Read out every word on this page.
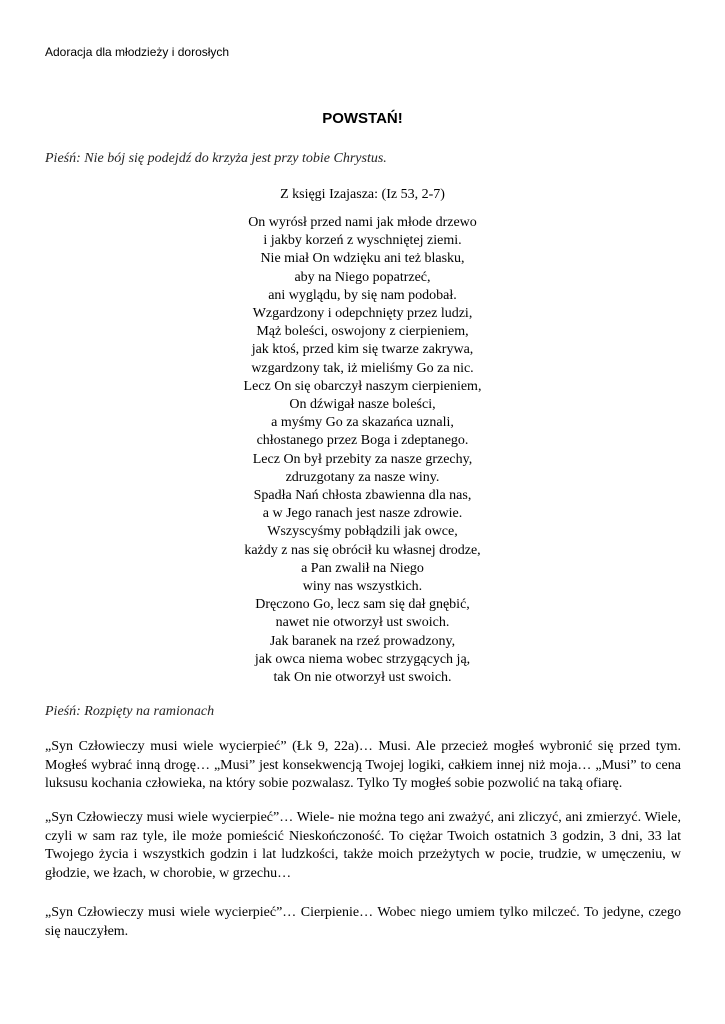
Adoracja dla młodzieży i dorosłych
POWSTAŃ!
Pieśń: Nie bój się podejdź do krzyża jest przy tobie Chrystus.
Z księgi Izajasza: (Iz 53, 2-7)
On wyrósł przed nami jak młode drzewo
i jakby korzeń z wyschniętej ziemi.
Nie miał On wdzięku ani też blasku,
aby na Niego popatrzeć,
ani wyglądu, by się nam podobał.
Wzgardzony i odepchnięty przez ludzi,
Mąż boleści, oswojony z cierpieniem,
jak ktoś, przed kim się twarze zakrywa,
wzgardzony tak, iż mieliśmy Go za nic.
Lecz On się obarczył naszym cierpieniem,
On dźwigał nasze boleści,
a myśmy Go za skazańca uznali,
chłostanego przez Boga i zdeptanego.
Lecz On był przebity za nasze grzechy,
zdruzgotany za nasze winy.
Spadła Nań chłosta zbawienna dla nas,
a w Jego ranach jest nasze zdrowie.
Wszyscyśmy pobłądzili jak owce,
każdy z nas się obrócił ku własnej drodze,
a Pan zwalił na Niego
winy nas wszystkich.
Dręczono Go, lecz sam się dał gnębić,
nawet nie otworzył ust swoich.
Jak baranek na rzeź prowadzony,
jak owca niema wobec strzygących ją,
tak On nie otworzył ust swoich.
Pieśń: Rozpięty na ramionach
„Syn Człowieczy musi wiele wycierpieć” (Łk 9, 22a)… Musi. Ale przecież mogłeś wybronić się przed tym. Mogłeś wybrać inną drogę… „Musi” jest konsekwencją Twojej logiki, całkiem innej niż moja… „Musi” to cena luksusu kochania człowieka, na który sobie pozwalasz. Tylko Ty mogłeś sobie pozwolić na taką ofiarę.
„Syn Człowieczy musi wiele wycierpieć”… Wiele- nie można tego ani zważyć, ani zliczyć, ani zmierzyć. Wiele, czyli w sam raz tyle, ile może pomieścić Nieskończoność. To ciężar Twoich ostatnich 3 godzin, 3 dni, 33 lat Twojego życia i wszystkich godzin i lat ludzkości, także moich przeżytych w pocie, trudzie, w umęczeniu, w głodzie, we łzach, w chorobie, w grzechu…
„Syn Człowieczy musi wiele wycierpieć”… Cierpienie… Wobec niego umiem tylko milczeć. To jedyne, czego się nauczyłem.
